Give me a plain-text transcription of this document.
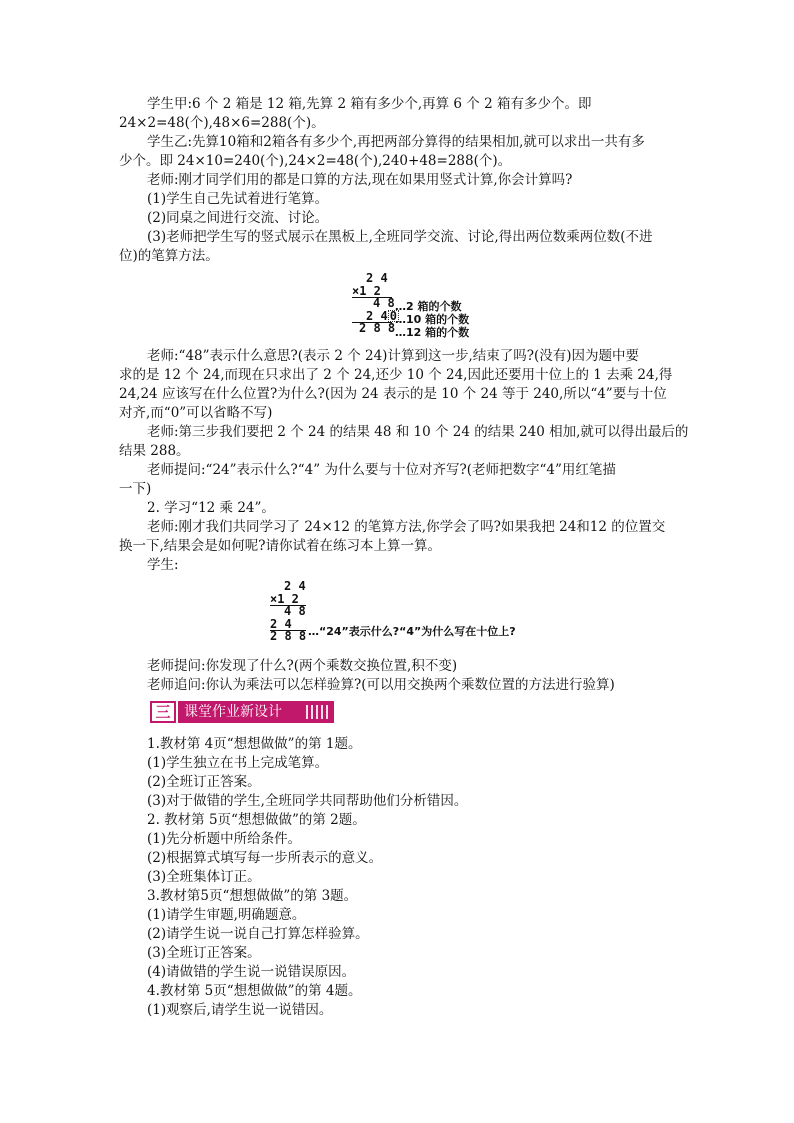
学生甲:6 个 2 箱是 12 箱,先算 2 箱有多少个,再算 6 个 2 箱有多少个。即
24×2=48(个),48×6=288(个)。
学生乙:先算10箱和2箱各有多少个,再把两部分算得的结果相加,就可以求出一共有多
少个。即 24×10=240(个),24×2=48(个),240+48=288(个)。
老师:刚才同学们用的都是口算的方法,现在如果用竖式计算,你会计算吗?
(1)学生自己先试着进行笔算。
(2)同桌之间进行交流、讨论。
(3)老师把学生写的竖式展示在黑板上,全班同学交流、讨论,得出两位数乘两位数(不进
位)的笔算方法。
2 4
×1 2
4 8
2 4 0
2 8 8
…2 箱的个数
…10 箱的个数
…12 箱的个数
老师:“48”表示什么意思?(表示 2 个 24)计算到这一步,结束了吗?(没有)因为题中要
求的是 12 个 24,而现在只求出了 2 个 24,还少 10 个 24,因此还要用十位上的 1 去乘 24,得
24,24 应该写在什么位置?为什么?(因为 24 表示的是 10 个 24 等于 240,所以“4”要与十位
对齐,而“0”可以省略不写)
老师:第三步我们要把 2 个 24 的结果 48 和 10 个 24 的结果 240 相加,就可以得出最后的
结果 288。
老师提问:“24”表示什么?“4” 为什么要与十位对齐写?(老师把数字“4”用红笔描
一下)
2. 学习“12 乘 24”。
老师:刚才我们共同学习了 24×12 的笔算方法,你学会了吗?如果我把 24和12 的位置交
换一下,结果会是如何呢?请你试着在练习本上算一算。
学生:
2 4
×1 2
4 8
2 4
2 8 8 …“24”表示什么?“4”为什么写在十位上?
老师提问:你发现了什么?(两个乘数交换位置,积不变)
老师追问:你认为乘法可以怎样验算?(可以用交换两个乘数位置的方法进行验算)
三 课堂作业新设计
1.教材第 4页“想想做做”的第 1题。
(1)学生独立在书上完成笔算。
(2)全班订正答案。
(3)对于做错的学生,全班同学共同帮助他们分析错因。
2. 教材第 5页“想想做做”的第 2题。
(1)先分析题中所给条件。
(2)根据算式填写每一步所表示的意义。
(3)全班集体订正。
3.教材第5页“想想做做”的第 3题。
(1)请学生审题,明确题意。
(2)请学生说一说自己打算怎样验算。
(3)全班订正答案。
(4)请做错的学生说一说错误原因。
4.教材第 5页“想想做做”的第 4题。
(1)观察后,请学生说一说错因。
